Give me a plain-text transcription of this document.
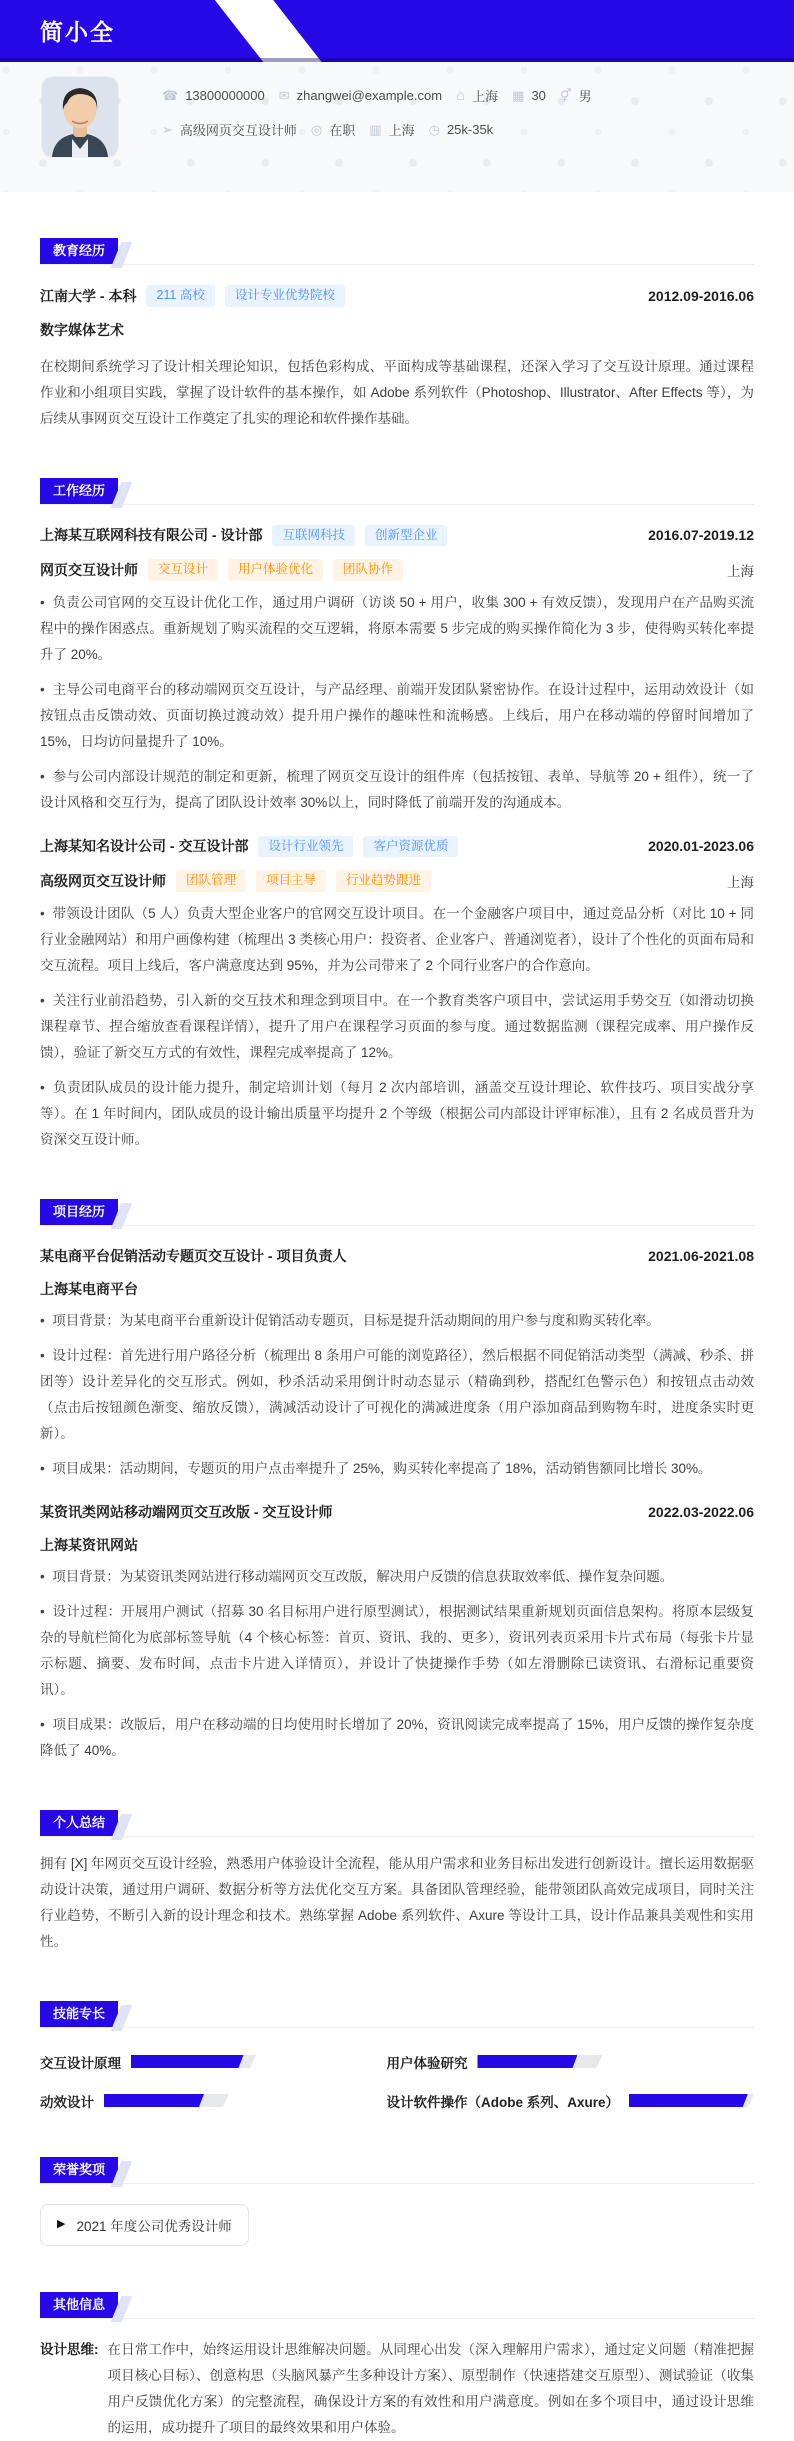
简小全
☎
13800000000 ✉ zhangwei@example.com ⌂ 上海 ▦	30 ⚥	男
➢
高级网页交互设计师 ◎ 在职 ▥	上海 ◷ 25k-35k
教育经历
江南大学 - 本科	211 高校	设计专业优势院校	2012.09-2016.06
数字媒体艺术

在校期间系统学习了设计相关理论知识，包括色彩构成、平面构成等基础课程，还深入学习了交互设计原理。通过课程作业和小组项目实践，掌握了设计软件的基本操作，如 Adobe 系列软件（Photoshop、Illustrator、After Effects 等），为后续从事网页交互设计工作奠定了扎实的理论和软件操作基础。

工作经历
上海某互联网科技有限公司 - 设计部	互联网科技	创新型企业	2016.07-2019.12
网页交互设计师	交互设计	用户体验优化	团队协作	上海
•  负责公司官网的交互设计优化工作，通过用户调研（访谈 50 + 用户，收集 300 + 有效反馈），发现用户在产品购买流程中的操作困惑点。重新规划了购买流程的交互逻辑，将原本需要 5 步完成的购买操作简化为 3 步，使得购买转化率提升了 20%。
•  主导公司电商平台的移动端网页交互设计，与产品经理、前端开发团队紧密协作。在设计过程中，运用动效设计（如按钮点击反馈动效、页面切换过渡动效）提升用户操作的趣味性和流畅感。上线后，用户在移动端的停留时间增加了 15%，日均访问量提升了 10%。
•  参与公司内部设计规范的制定和更新，梳理了网页交互设计的组件库（包括按钮、表单、导航等 20 + 组件），统一了设计风格和交互行为，提高了团队设计效率 30%以上，同时降低了前端开发的沟通成本。
上海某知名设计公司 - 交互设计部	设计行业领先	客户资源优质	2020.01-2023.06
高级网页交互设计师	团队管理	项目主导	行业趋势跟进	上海
•  带领设计团队（5 人）负责大型企业客户的官网交互设计项目。在一个金融客户项目中，通过竞品分析（对比 10 + 同行业金融网站）和用户画像构建（梳理出 3 类核心用户：投资者、企业客户、普通浏览者），设计了个性化的页面布局和交互流程。项目上线后，客户满意度达到 95%，并为公司带来了 2 个同行业客户的合作意向。
•  关注行业前沿趋势，引入新的交互技术和理念到项目中。在一个教育类客户项目中，尝试运用手势交互（如滑动切换课程章节、捏合缩放查看课程详情），提升了用户在课程学习页面的参与度。通过数据监测（课程完成率、用户操作反馈），验证了新交互方式的有效性，课程完成率提高了 12%。
•  负责团队成员的设计能力提升，制定培训计划（每月 2 次内部培训，涵盖交互设计理论、软件技巧、项目实战分享等）。在 1 年时间内，团队成员的设计输出质量平均提升 2 个等级（根据公司内部设计评审标准），且有 2 名成员晋升为资深交互设计师。
项目经历
某电商平台促销活动专题页交互设计 - 项目负责人	2021.06-2021.08
上海某电商平台
•  项目背景：为某电商平台重新设计促销活动专题页，目标是提升活动期间的用户参与度和购买转化率。
•  设计过程：首先进行用户路径分析（梳理出 8 条用户可能的浏览路径），然后根据不同促销活动类型（满减、秒杀、拼团等）设计差异化的交互形式。例如，秒杀活动采用倒计时动态显示（精确到秒，搭配红色警示色）和按钮点击动效（点击后按钮颜色渐变、缩放反馈），满减活动设计了可视化的满减进度条（用户添加商品到购物车时，进度条实时更新）。
•  项目成果：活动期间，专题页的用户点击率提升了 25%，购买转化率提高了 18%，活动销售额同比增长 30%。
某资讯类网站移动端网页交互改版 - 交互设计师	2022.03-2022.06
上海某资讯网站
•  项目背景：为某资讯类网站进行移动端网页交互改版，解决用户反馈的信息获取效率低、操作复杂问题。
•  设计过程：开展用户测试（招募 30 名目标用户进行原型测试），根据测试结果重新规划页面信息架构。将原本层级复杂的导航栏简化为底部标签导航（4 个核心标签：首页、资讯、我的、更多），资讯列表页采用卡片式布局（每张卡片显示标题、摘要、发布时间，点击卡片进入详情页），并设计了快捷操作手势（如左滑删除已读资讯、右滑标记重要资讯）。
•  项目成果：改版后，用户在移动端的日均使用时长增加了 20%，资讯阅读完成率提高了 15%，用户反馈的操作复杂度降低了 40%。
个人总结

拥有 [X] 年网页交互设计经验，熟悉用户体验设计全流程，能从用户需求和业务目标出发进行创新设计。擅长运用数据驱动设计决策，通过用户调研、数据分析等方法优化交互方案。具备团队管理经验，能带领团队高效完成项目，同时关注行业趋势，不断引入新的设计理念和技术。熟练掌握 Adobe 系列软件、Axure 等设计工具，设计作品兼具美观性和实用性。

技能专长
交互设计原理	用户体验研究
动效设计	设计软件操作（Adobe 系列、Axure）
荣誉奖项
▶
2021 年度公司优秀设计师
其他信息
设计思维: 在日常工作中，始终运用设计思维解决问题。从同理心出发（深入理解用户需求），通过定义问题（精准把握项目核心目标）、创意构思（头脑风暴产生多种设计方案）、原型制作（快速搭建交互原型）、测试验证（收集用户反馈优化方案）的完整流程，确保设计方案的有效性和用户满意度。例如在多个项目中，通过设计思维的运用，成功提升了项目的最终效果和用户体验。
